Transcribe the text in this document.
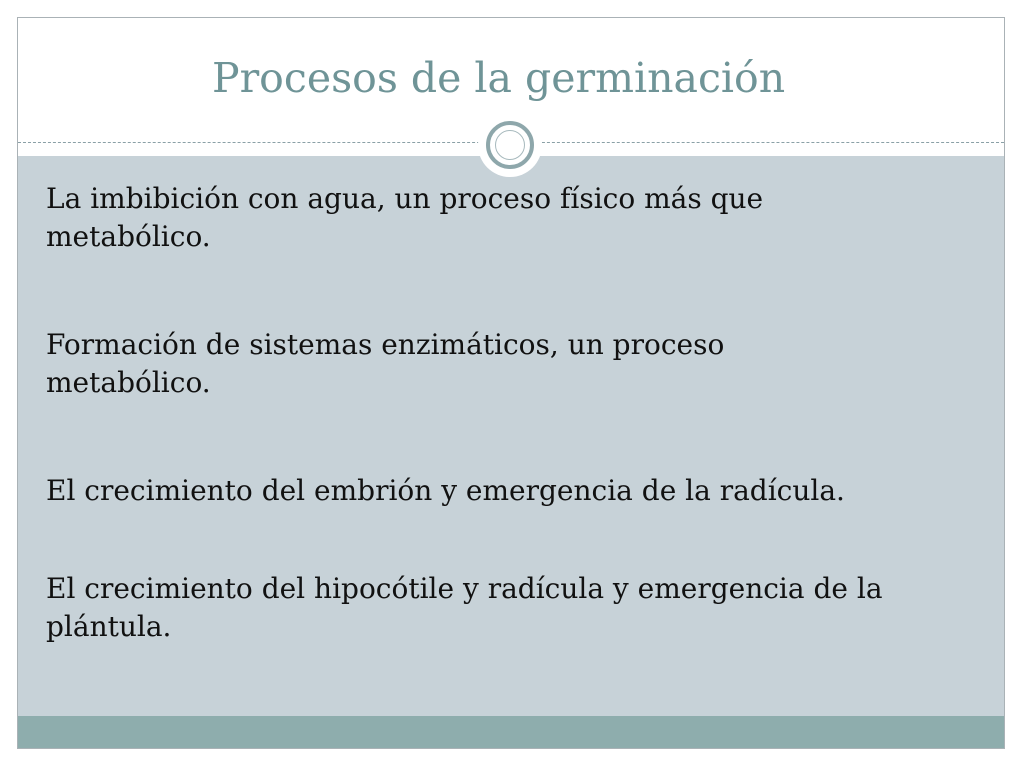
Procesos de la germinación
La imbibición con agua, un proceso físico más que metabólico.
Formación de sistemas enzimáticos, un proceso metabólico.
El crecimiento del embrión y emergencia de la radícula.
El crecimiento del hipocótile y radícula y emergencia de la plántula.
